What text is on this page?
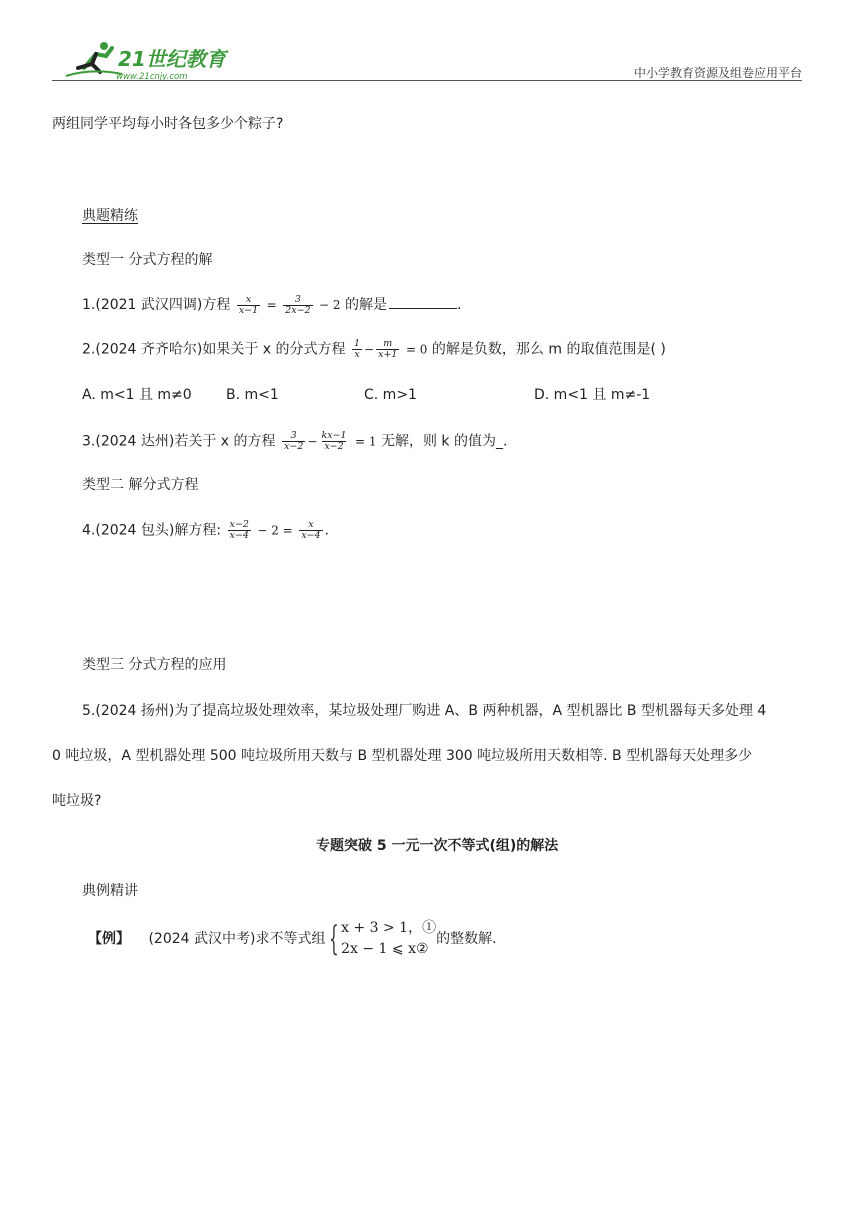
21世纪教育
www.21cnjy.com	中小学教育资源及组卷应用平台
两组同学平均每小时各包多少个粽子?
典题精练
类型一 分式方程的解
1.(2021 武汉四调)方程 $\frac{x}{x-1} = \frac{3}{2x-2} - 2$ 的解是	.
2.(2024 齐齐哈尔)如果关于 x 的分式方程 $\frac{1}{x} - \frac{m}{x+1} = 0$ 的解是负数，那么 m 的取值范围是( )
A. m<1 且 m≠0 B. m<1	C. m>1	D. m<1 且 m≠-1
3.(2024 达州)若关于 x 的方程 $\frac{3}{x-2} - \frac{kx-1}{x-2} = 1$ 无解，则 k 的值为_.
类型二 解分式方程
4.(2024 包头)解方程: $\frac{x-2}{x-4} - 2 = \frac{x}{x-4}$ .
类型三 分式方程的应用
5.(2024 扬州)为了提高垃圾处理效率，某垃圾处理厂购进 A、B 两种机器，A 型机器比 B 型机器每天多处理 4
0 吨垃圾，A 型机器处理 500 吨垃圾所用天数与 B 型机器处理 300 吨垃圾所用天数相等. B 型机器每天处理多少
吨垃圾?
专题突破 5 一元一次不等式(组)的解法
典例精讲
【例】 (2024 武汉中考)求不等式组 { x + 3 > 1，①
2x − 1 ⩽ x②
的整数解.
